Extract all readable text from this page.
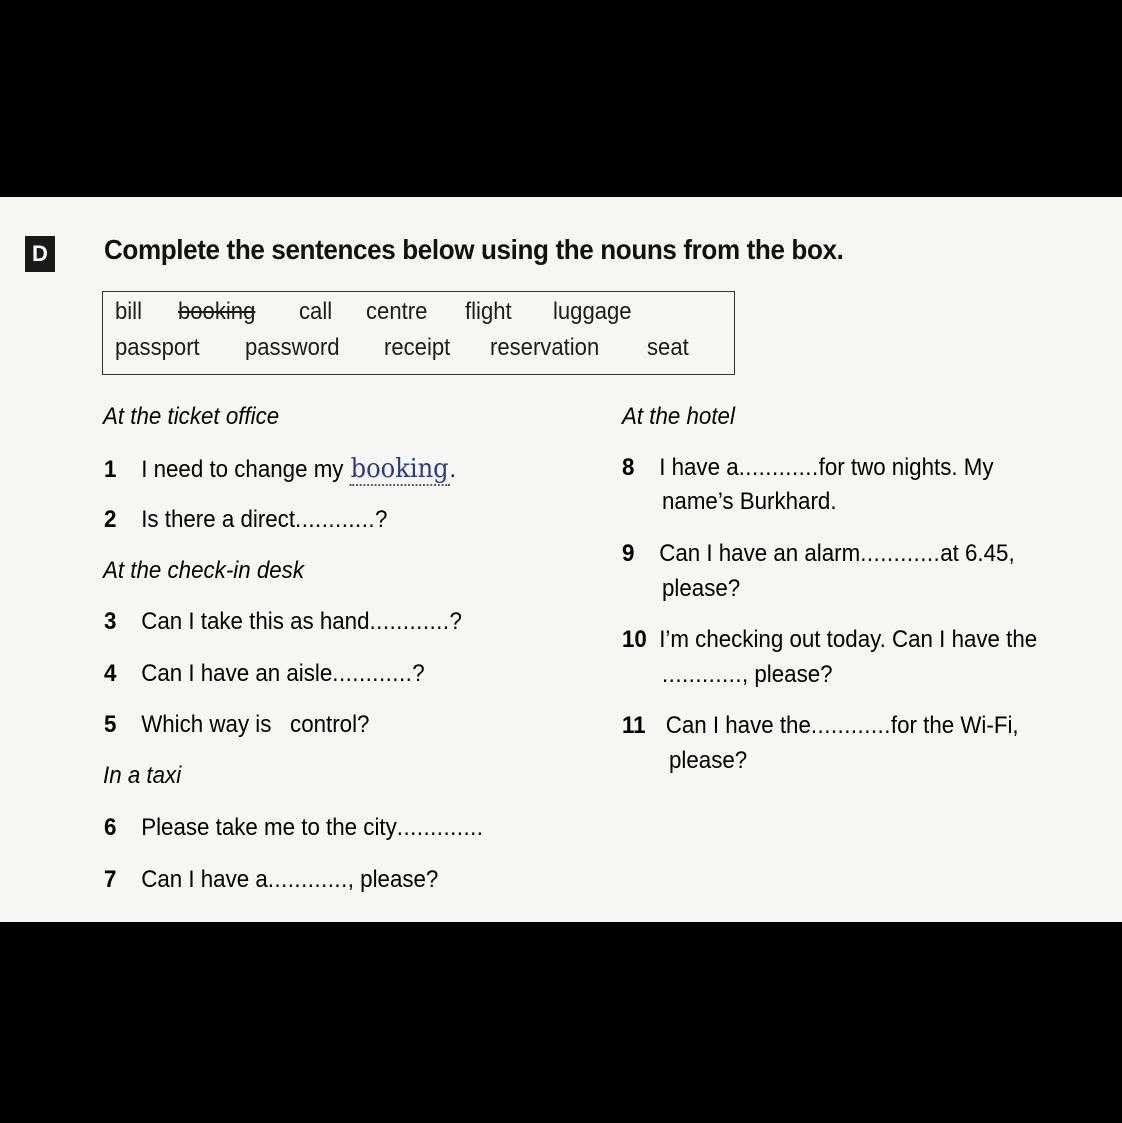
D Complete the sentences below using the nouns from the box.
bill booking call centre flight luggage
passport password receipt reservation seat
At the ticket office
1 I need to change my booking.
2 Is there a direct............?
At the check-in desk
3 Can I take this as hand............?
4 Can I have an aisle............?
5 Which way is   control?
In a taxi
6 Please take me to the city.............
7 Can I have a............, please?
At the hotel
8 I have a............for two nights. My
name’s Burkhard.
9 Can I have an alarm............at 6.45,
please?
10 I’m checking out today. Can I have the
............, please?
11 Can I have the............for the Wi-Fi,
please?
